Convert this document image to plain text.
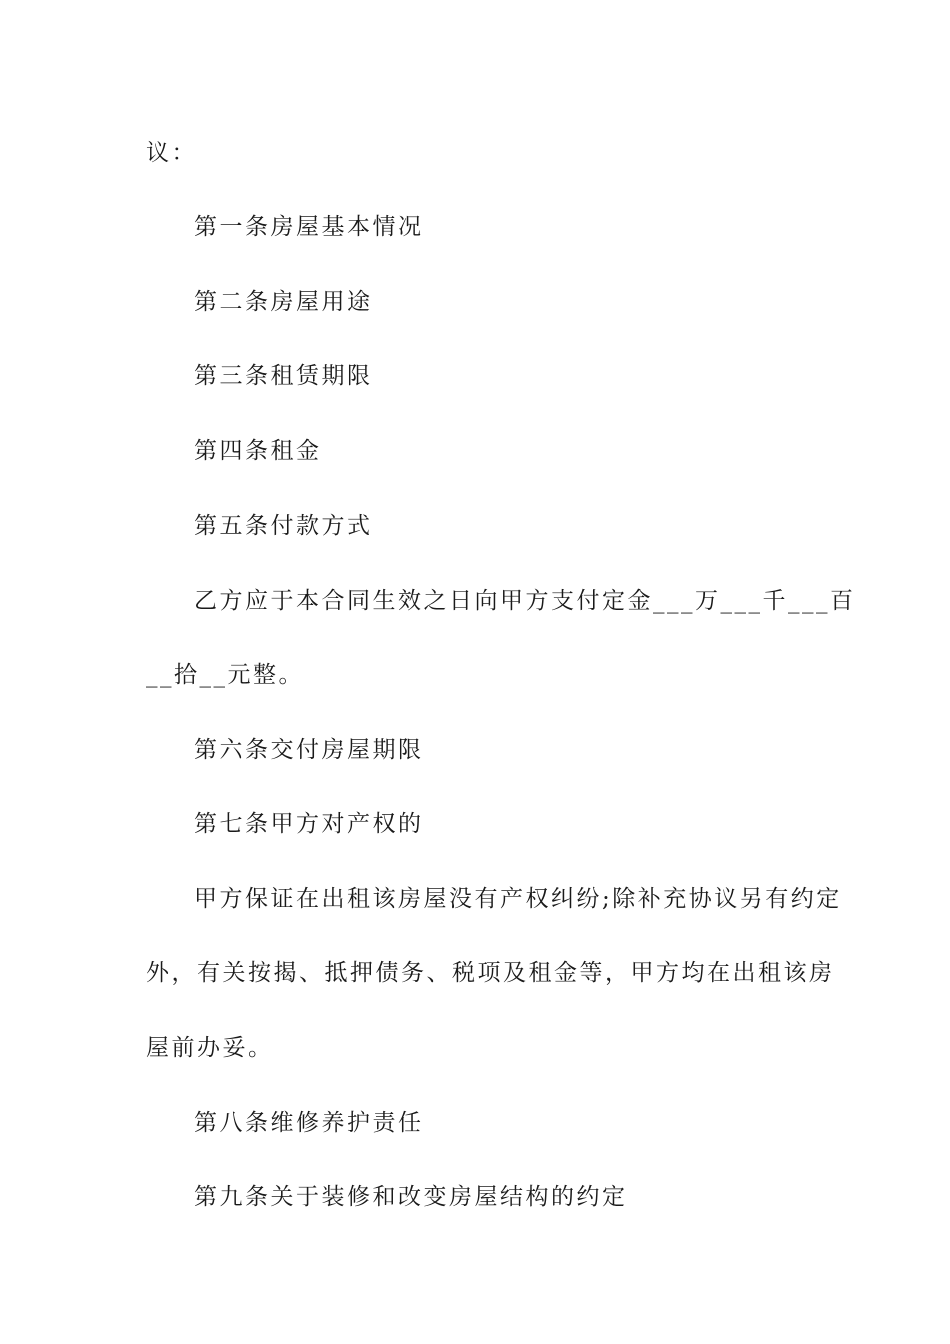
议：
第一条房屋基本情况
第二条房屋用途
第三条租赁期限
第四条租金
第五条付款方式
乙方应于本合同生效之日向甲方支付定金___万___千___百
__拾__元整。
第六条交付房屋期限
第七条甲方对产权的
甲方保证在出租该房屋没有产权纠纷;除补充协议另有约定
外，有关按揭、抵押债务、税项及租金等，甲方均在出租该房
屋前办妥。
第八条维修养护责任
第九条关于装修和改变房屋结构的约定
